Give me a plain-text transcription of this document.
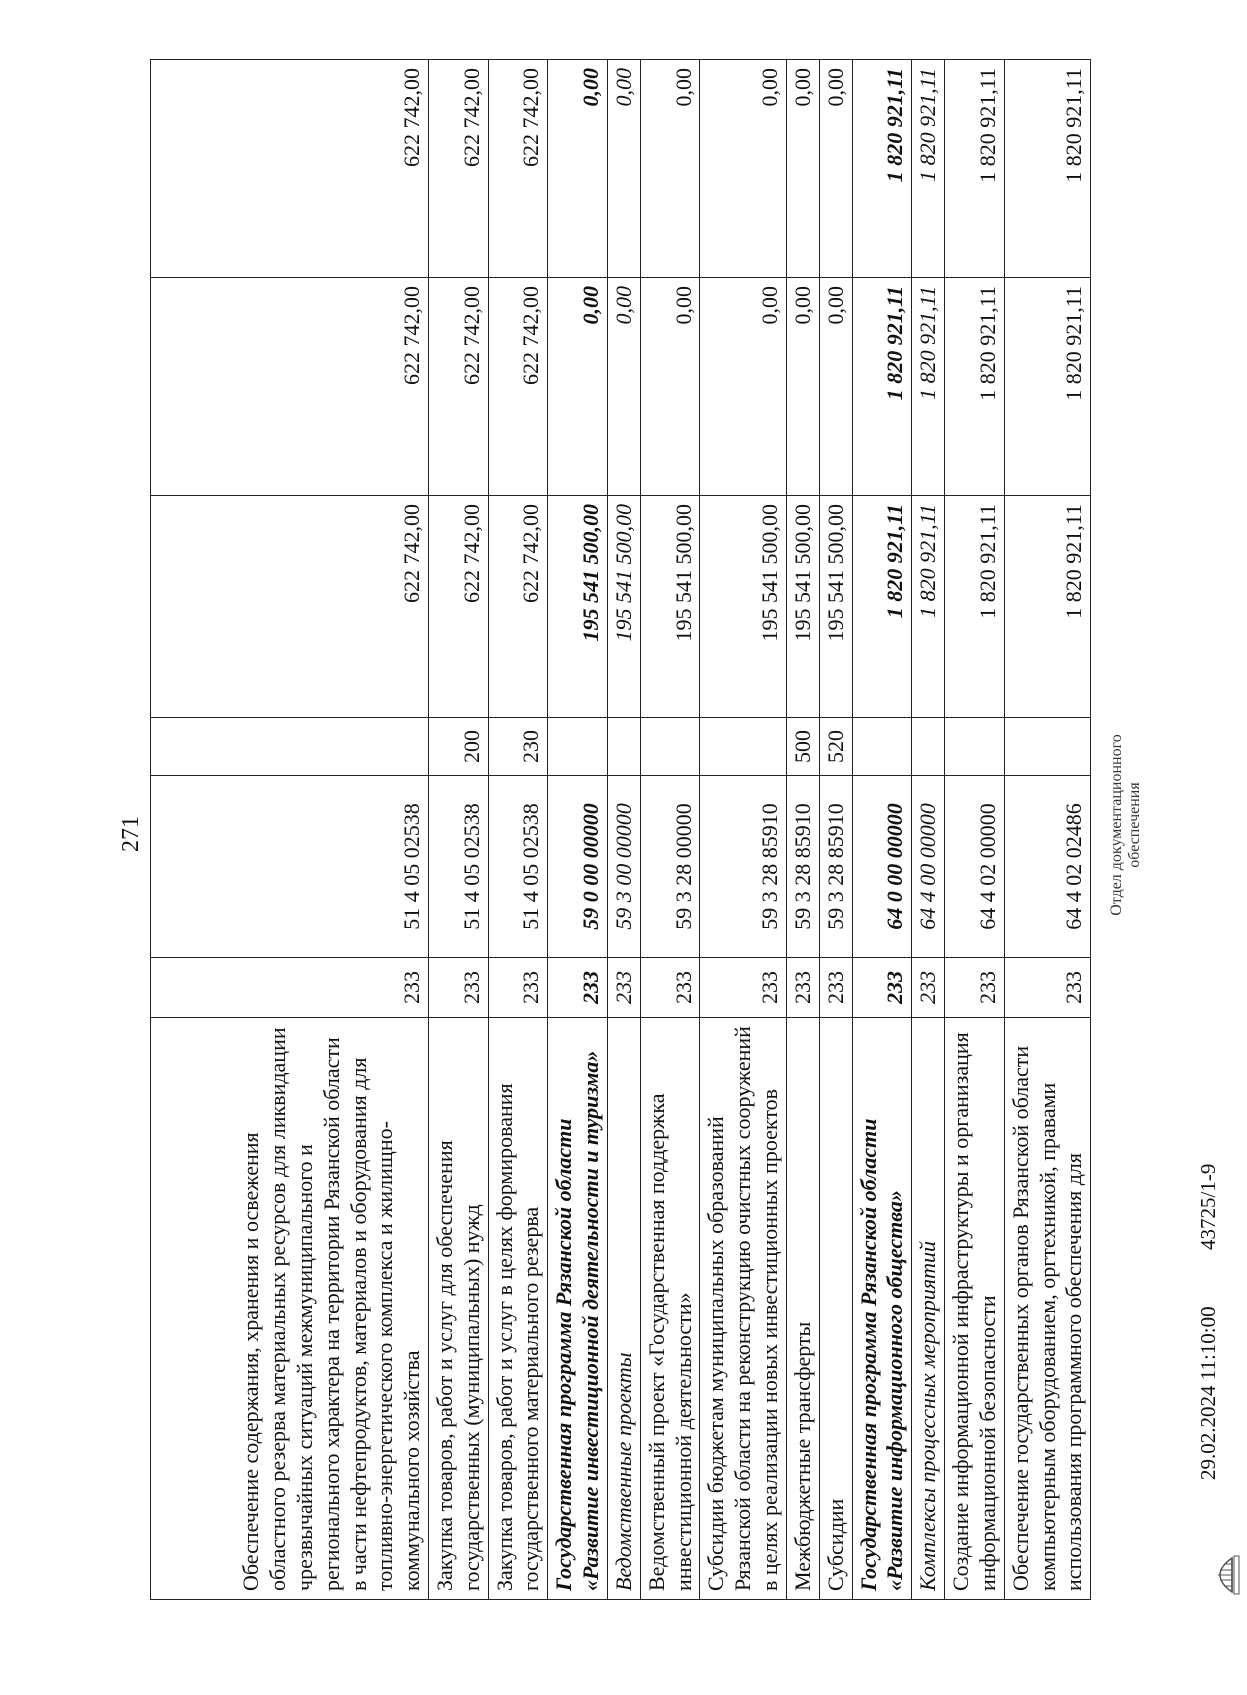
271
Обеспечение содержания, хранения и освежения областного резерва материальных ресурсов для ликвидации чрезвычайных ситуаций межмуниципального и регионального характера на территории Рязанской области в части нефтепродуктов, материалов и оборудования для топливно-энергетического комплекса и жилищно-коммунального хозяйства	233	51 4 05 02538		622 742,00	622 742,00	622 742,00
Закупка товаров, работ и услуг для обеспечения государственных (муниципальных) нужд	233	51 4 05 02538	200	622 742,00	622 742,00	622 742,00
Закупка товаров, работ и услуг в целях формирования государственного материального резерва	233	51 4 05 02538	230	622 742,00	622 742,00	622 742,00
Государственная программа Рязанской области «Развитие инвестиционной деятельности и туризма»	233	59 0 00 00000		195 541 500,00	0,00	0,00
Ведомственные проекты	233	59 3 00 00000		195 541 500,00	0,00	0,00
Ведомственный проект «Государственная поддержка инвестиционной деятельности»	233	59 3 28 00000		195 541 500,00	0,00	0,00
Субсидии бюджетам муниципальных образований Рязанской области на реконструкцию очистных сооружений в целях реализации новых инвестиционных проектов	233	59 3 28 85910		195 541 500,00	0,00	0,00
Межбюджетные трансферты	233	59 3 28 85910	500	195 541 500,00	0,00	0,00
Субсидии	233	59 3 28 85910	520	195 541 500,00	0,00	0,00
Государственная программа Рязанской области «Развитие информационного общества»	233	64 0 00 00000		1 820 921,11	1 820 921,11	1 820 921,11
Комплексы процессных мероприятий	233	64 4 00 00000		1 820 921,11	1 820 921,11	1 820 921,11
Создание информационной инфраструктуры и организация информационной безопасности	233	64 4 02 00000		1 820 921,11	1 820 921,11	1 820 921,11
Обеспечение государственных органов Рязанской области компьютерным оборудованием, оргтехникой, правами использования программного обеспечения для	233	64 4 02 02486		1 820 921,11	1 820 921,11	1 820 921,11
Отдел документационного обеспечения
29.02.2024 11:10:00
43725/1-9
